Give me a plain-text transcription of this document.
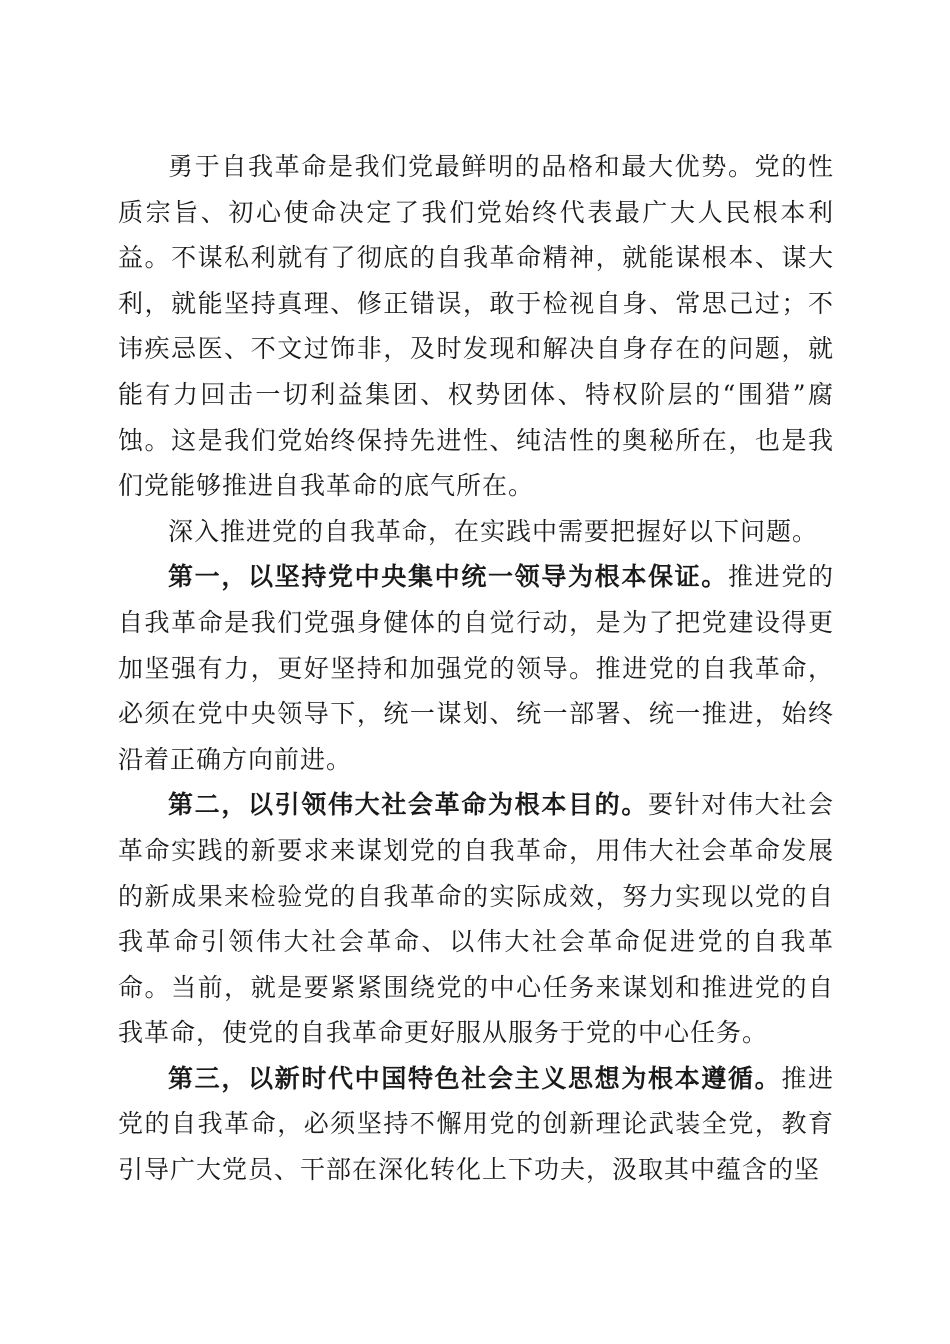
勇于自我革命是我们党最鲜明的品格和最大优势。党的性质宗旨、初心使命决定了我们党始终代表最广大人民根本利益。不谋私利就有了彻底的自我革命精神，就能谋根本、谋大利，就能坚持真理、修正错误，敢于检视自身、常思己过；不讳疾忌医、不文过饰非，及时发现和解决自身存在的问题，就能有力回击一切利益集团、权势团体、特权阶层的“围猎”腐蚀。这是我们党始终保持先进性、纯洁性的奥秘所在，也是我们党能够推进自我革命的底气所在。

深入推进党的自我革命，在实践中需要把握好以下问题。

第一，以坚持党中央集中统一领导为根本保证。推进党的自我革命是我们党强身健体的自觉行动，是为了把党建设得更加坚强有力，更好坚持和加强党的领导。推进党的自我革命，必须在党中央领导下，统一谋划、统一部署、统一推进，始终沿着正确方向前进。

第二，以引领伟大社会革命为根本目的。要针对伟大社会革命实践的新要求来谋划党的自我革命，用伟大社会革命发展的新成果来检验党的自我革命的实际成效，努力实现以党的自我革命引领伟大社会革命、以伟大社会革命促进党的自我革命。当前，就是要紧紧围绕党的中心任务来谋划和推进党的自我革命，使党的自我革命更好服从服务于党的中心任务。

第三，以新时代中国特色社会主义思想为根本遵循。推进党的自我革命，必须坚持不懈用党的创新理论武装全党，教育引导广大党员、干部在深化转化上下功夫，汲取其中蕴含的坚
